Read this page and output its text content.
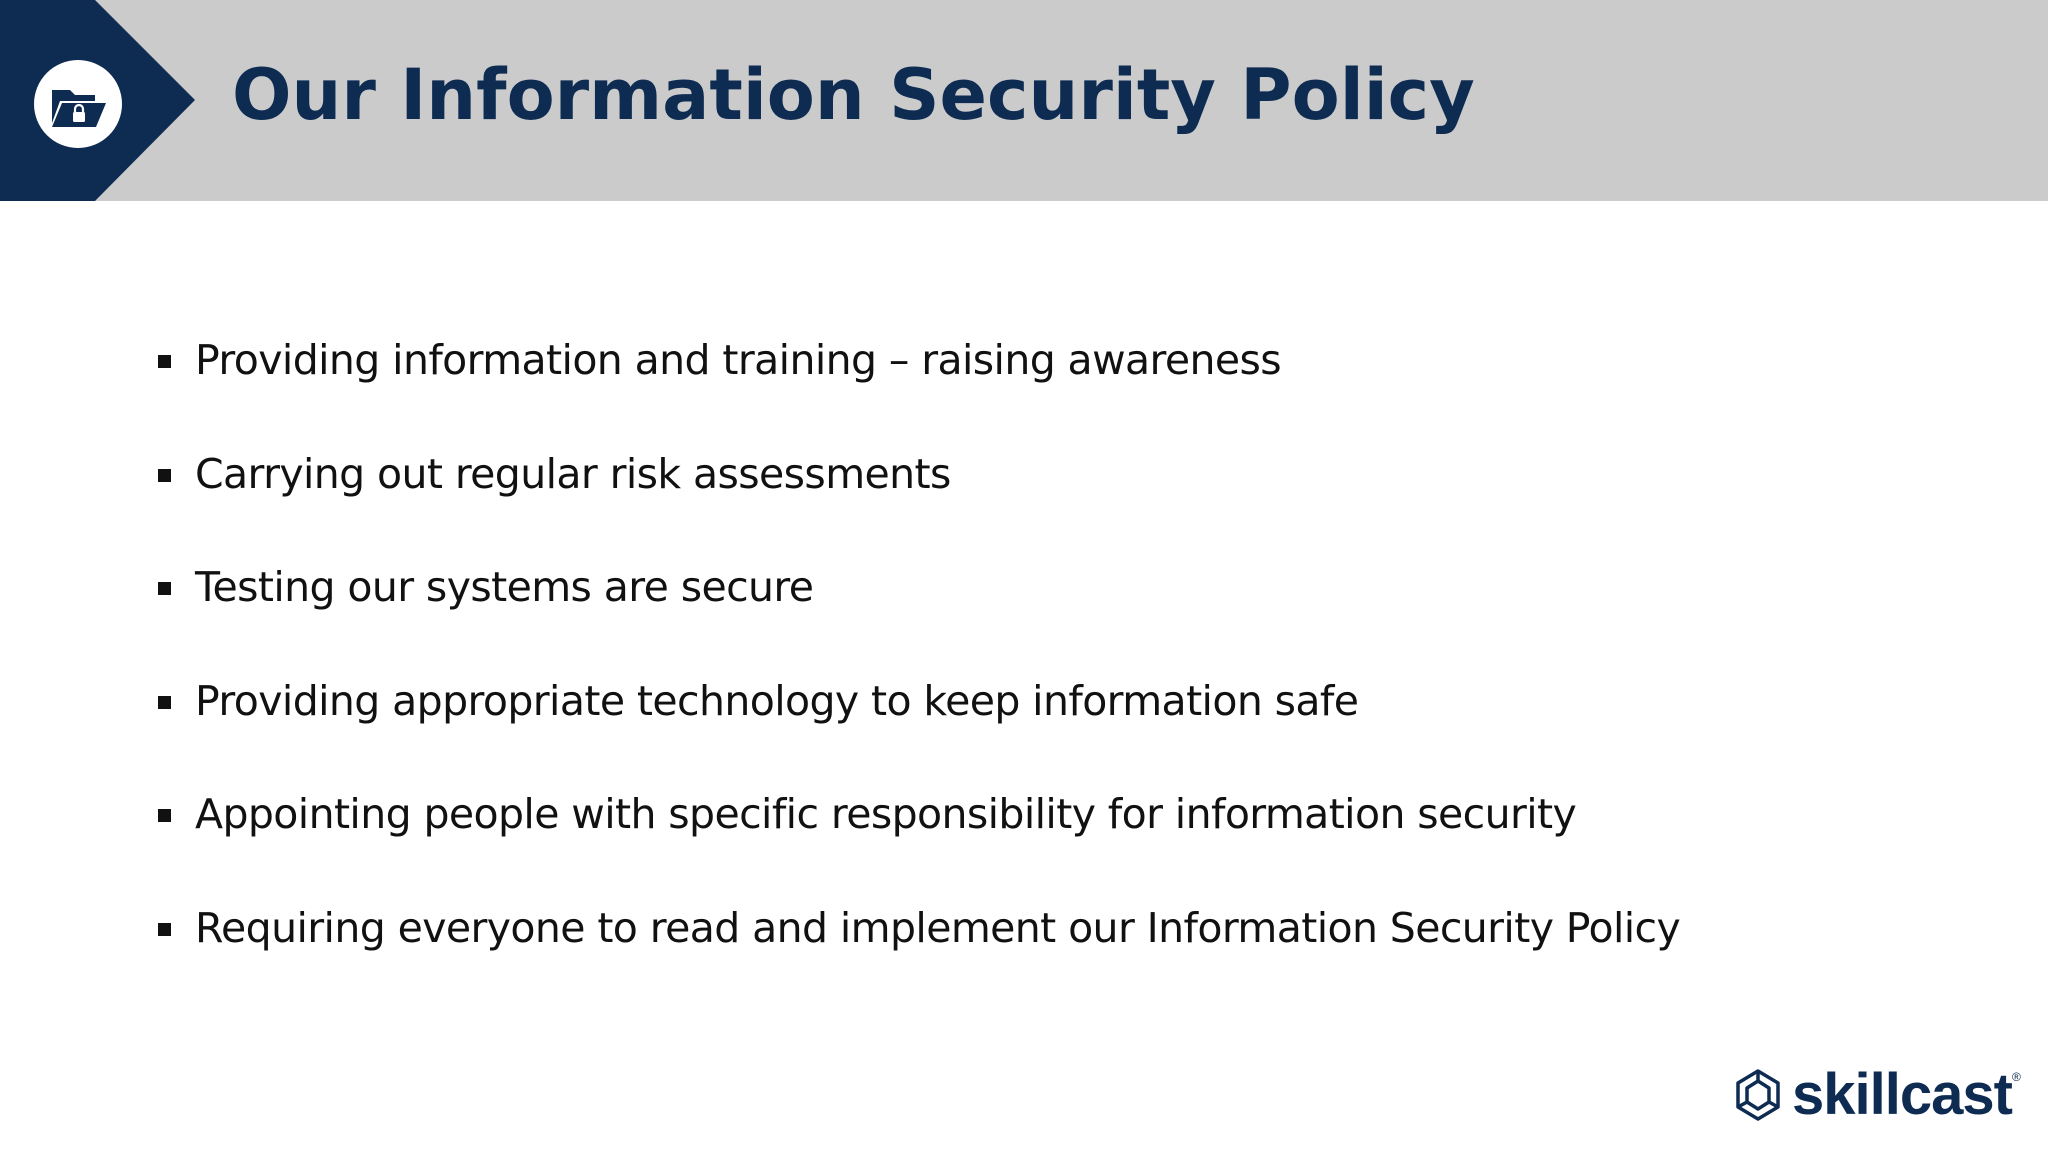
Our Information Security Policy
Providing information and training – raising awareness
Carrying out regular risk assessments
Testing our systems are secure
Providing appropriate technology to keep information safe
Appointing people with specific responsibility for information security
Requiring everyone to read and implement our Information Security Policy
skillcast ®
